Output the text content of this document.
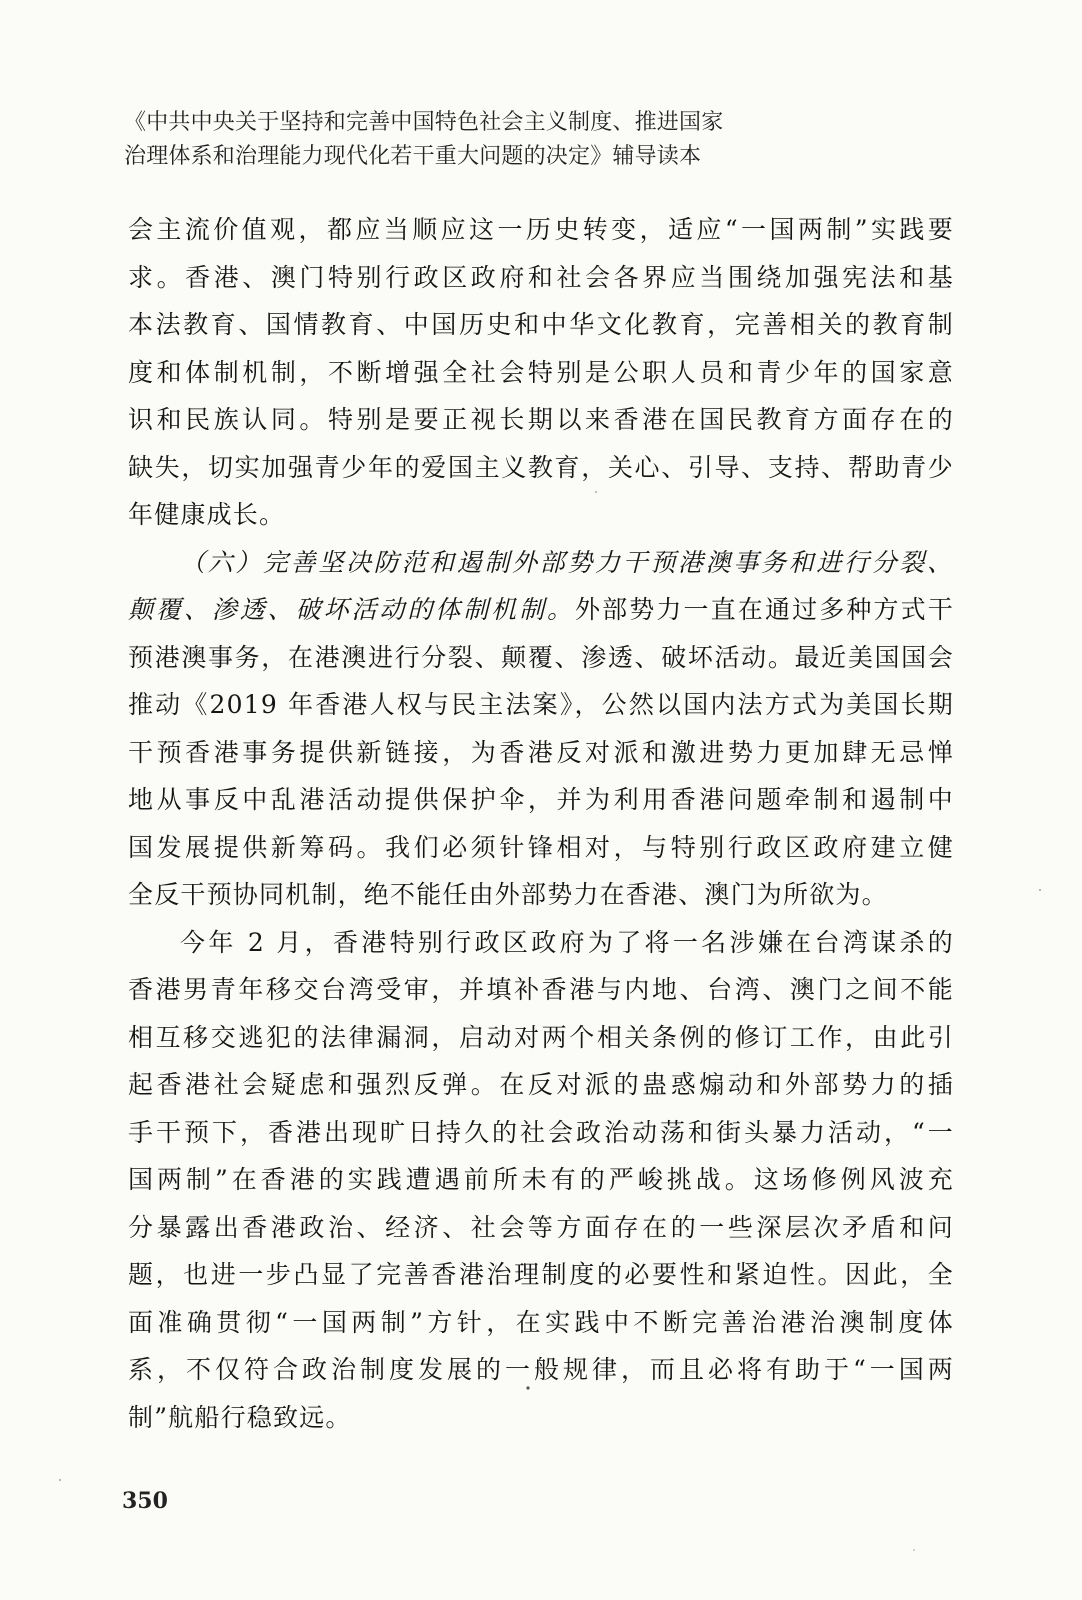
《中共中央关于坚持和完善中国特色社会主义制度、推进国家
治理体系和治理能力现代化若干重大问题的决定》辅导读本
会主流价值观，都应当顺应这一历史转变，适应“一国两制”实践要
求。香港、澳门特别行政区政府和社会各界应当围绕加强宪法和基
本法教育、国情教育、中国历史和中华文化教育，完善相关的教育制
度和体制机制，不断增强全社会特别是公职人员和青少年的国家意
识和民族认同。特别是要正视长期以来香港在国民教育方面存在的
缺失，切实加强青少年的爱国主义教育，关心、引导、支持、帮助青少
年健康成长。
（六）完善坚决防范和遏制外部势力干预港澳事务和进行分裂、
颠覆、渗透、破坏活动的体制机制。外部势力一直在通过多种方式干
预港澳事务，在港澳进行分裂、颠覆、渗透、破坏活动。最近美国国会
推动《2019 年香港人权与民主法案》，公然以国内法方式为美国长期
干预香港事务提供新链接，为香港反对派和激进势力更加肆无忌惮
地从事反中乱港活动提供保护伞，并为利用香港问题牵制和遏制中
国发展提供新筹码。我们必须针锋相对，与特别行政区政府建立健
全反干预协同机制，绝不能任由外部势力在香港、澳门为所欲为。
今年 2 月，香港特别行政区政府为了将一名涉嫌在台湾谋杀的
香港男青年移交台湾受审，并填补香港与内地、台湾、澳门之间不能
相互移交逃犯的法律漏洞，启动对两个相关条例的修订工作，由此引
起香港社会疑虑和强烈反弹。在反对派的蛊惑煽动和外部势力的插
手干预下，香港出现旷日持久的社会政治动荡和街头暴力活动，“一
国两制”在香港的实践遭遇前所未有的严峻挑战。这场修例风波充
分暴露出香港政治、经济、社会等方面存在的一些深层次矛盾和问
题，也进一步凸显了完善香港治理制度的必要性和紧迫性。因此，全
面准确贯彻“一国两制”方针，在实践中不断完善治港治澳制度体
系，不仅符合政治制度发展的一般规律，而且必将有助于“一国两
制”航船行稳致远。
350
